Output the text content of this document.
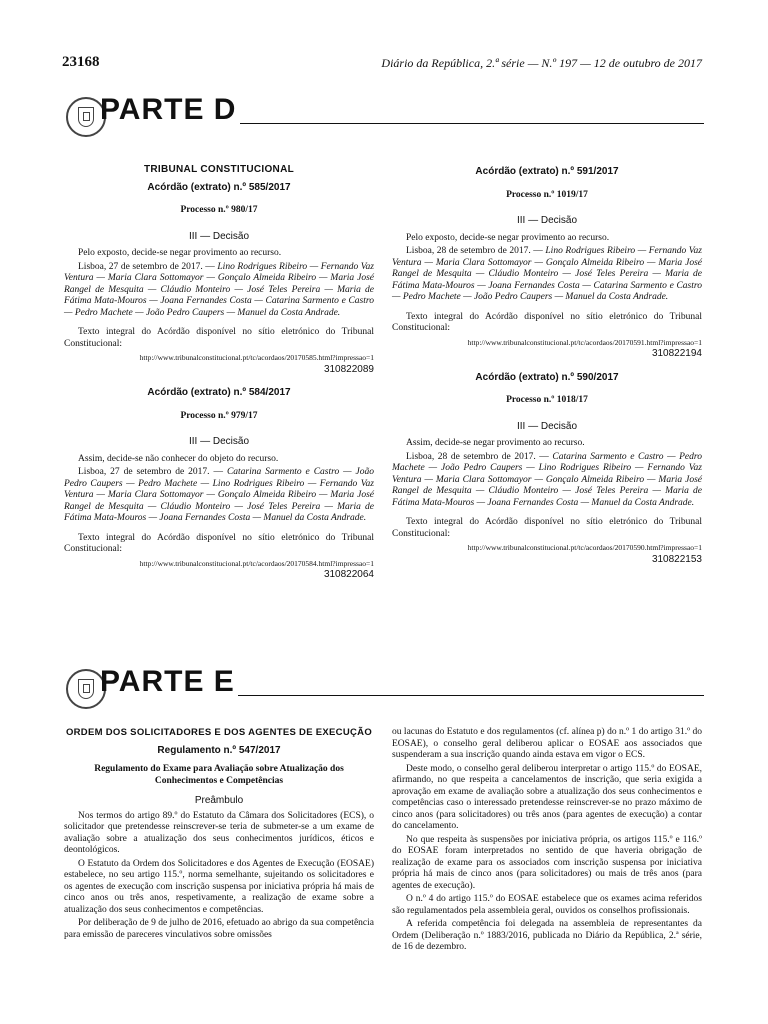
23168	Diário da República, 2.ª série — N.º 197 — 12 de outubro de 2017
PARTE D
TRIBUNAL CONSTITUCIONAL
Acórdão (extrato) n.º 585/2017
Processo n.º 980/17
III — Decisão

Pelo exposto, decide-se negar provimento ao recurso.

Lisboa, 27 de setembro de 2017. — Lino Rodrigues Ribeiro — Fernando Vaz Ventura — Maria Clara Sottomayor — Gonçalo Almeida Ribeiro — Maria José Rangel de Mesquita — Cláudio Monteiro — José Teles Pereira — Maria de Fátima Mata-Mouros — Joana Fernandes Costa — Catarina Sarmento e Castro — Pedro Machete — João Pedro Caupers — Manuel da Costa Andrade.

Texto integral do Acórdão disponível no sítio eletrónico do Tribunal Constitucional:

http://www.tribunalconstitucional.pt/tc/acordaos/20170585.html?impressao=1
310822089
Acórdão (extrato) n.º 584/2017
Processo n.º 979/17
III — Decisão

Assim, decide-se não conhecer do objeto do recurso.

Lisboa, 27 de setembro de 2017. — Catarina Sarmento e Castro — João Pedro Caupers — Pedro Machete — Lino Rodrigues Ribeiro — Fernando Vaz Ventura — Maria Clara Sottomayor — Gonçalo Almeida Ribeiro — Maria José Rangel de Mesquita — Cláudio Monteiro — José Teles Pereira — Maria de Fátima Mata-Mouros — Joana Fernandes Costa — Manuel da Costa Andrade.

Texto integral do Acórdão disponível no sítio eletrónico do Tribunal Constitucional:

http://www.tribunalconstitucional.pt/tc/acordaos/20170584.html?impressao=1
310822064
Acórdão (extrato) n.º 591/2017
Processo n.º 1019/17
III — Decisão

Pelo exposto, decide-se negar provimento ao recurso.

Lisboa, 28 de setembro de 2017. — Lino Rodrigues Ribeiro — Fernando Vaz Ventura — Maria Clara Sottomayor — Gonçalo Almeida Ribeiro — Maria José Rangel de Mesquita — Cláudio Monteiro — José Teles Pereira — Maria de Fátima Mata-Mouros — Joana Fernandes Costa — Catarina Sarmento e Castro — Pedro Machete — João Pedro Caupers — Manuel da Costa Andrade.

Texto integral do Acórdão disponível no sítio eletrónico do Tribunal Constitucional:

http://www.tribunalconstitucional.pt/tc/acordaos/20170591.html?impressao=1
310822194
Acórdão (extrato) n.º 590/2017
Processo n.º 1018/17
III — Decisão

Assim, decide-se negar provimento ao recurso.

Lisboa, 28 de setembro de 2017. — Catarina Sarmento e Castro — Pedro Machete — João Pedro Caupers — Lino Rodrigues Ribeiro — Fernando Vaz Ventura — Maria Clara Sottomayor — Gonçalo Almeida Ribeiro — Maria José Rangel de Mesquita — Cláudio Monteiro — José Teles Pereira — Maria de Fátima Mata-Mouros — Joana Fernandes Costa — Manuel da Costa Andrade.

Texto integral do Acórdão disponível no sítio eletrónico do Tribunal Constitucional:

http://www.tribunalconstitucional.pt/tc/acordaos/20170590.html?impressao=1
310822153
PARTE E
ORDEM DOS SOLICITADORES E DOS AGENTES DE EXECUÇÃO
Regulamento n.º 547/2017
Regulamento do Exame para Avaliação sobre Atualização dos Conhecimentos e Competências
Preâmbulo

Nos termos do artigo 89.º do Estatuto da Câmara dos Solicitadores (ECS), o solicitador que pretendesse reinscrever-se teria de submeter-se a um exame de avaliação sobre a atualização dos seus conhecimentos jurídicos, éticos e deontológicos.

O Estatuto da Ordem dos Solicitadores e dos Agentes de Execução (EOSAE) estabelece, no seu artigo 115.º, norma semelhante, sujeitando os solicitadores e os agentes de execução com inscrição suspensa por iniciativa própria há mais de cinco anos ou três anos, respetivamente, a realização de exame sobre a atualização dos seus conhecimentos e competências.

Por deliberação de 9 de julho de 2016, efetuado ao abrigo da sua competência para emissão de pareceres vinculativos sobre omissões

ou lacunas do Estatuto e dos regulamentos (cf. alínea p) do n.º 1 do artigo 31.º do EOSAE), o conselho geral deliberou aplicar o EOSAE aos associados que suspenderam a sua inscrição quando ainda estava em vigor o ECS.

Deste modo, o conselho geral deliberou interpretar o artigo 115.º do EOSAE, afirmando, no que respeita a cancelamentos de inscrição, que seria exigida a aprovação em exame de avaliação sobre a atualização dos seus conhecimentos e competências caso o interessado pretendesse reinscrever-se no prazo máximo de cinco anos (para solicitadores) ou três anos (para agentes de execução) a contar do cancelamento.

No que respeita às suspensões por iniciativa própria, os artigos 115.º e 116.º do EOSAE foram interpretados no sentido de que haveria obrigação de realização de exame para os associados com inscrição suspensa por iniciativa própria há mais de cinco anos (para solicitadores) ou mais de três anos (para agentes de execução).

O n.º 4 do artigo 115.º do EOSAE estabelece que os exames acima referidos são regulamentados pela assembleia geral, ouvidos os conselhos profissionais.

A referida competência foi delegada na assembleia de representantes da Ordem (Deliberação n.º 1883/2016, publicada no Diário da República, 2.ª série, de 16 de dezembro.
